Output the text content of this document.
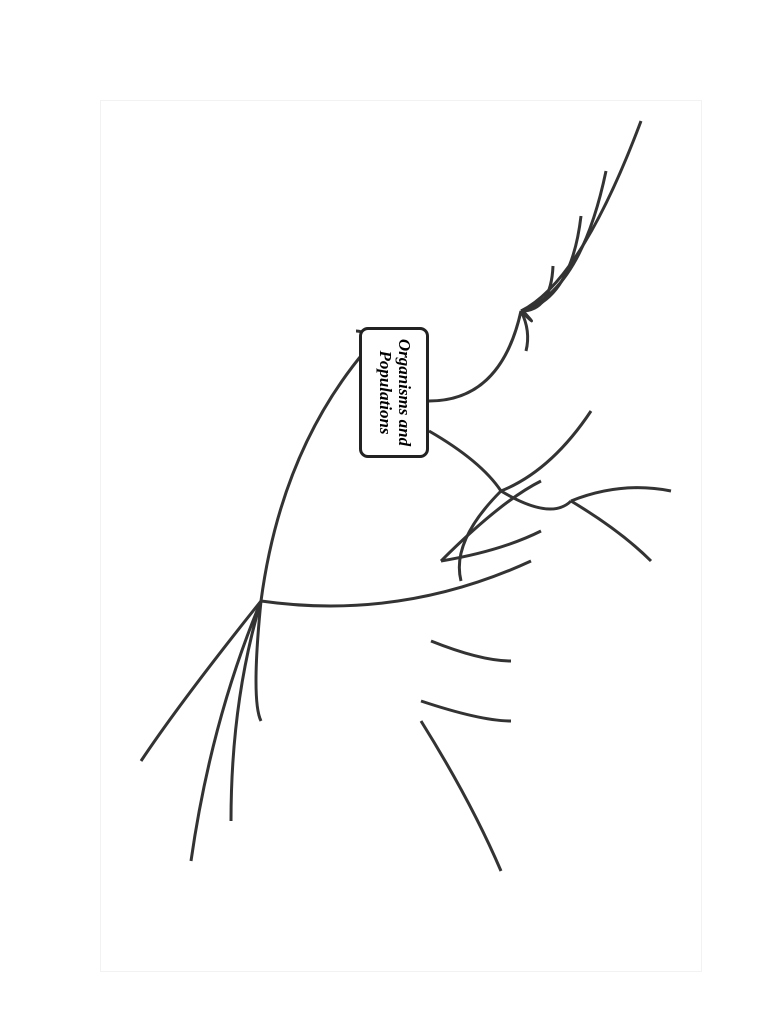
Organisms and Populations
